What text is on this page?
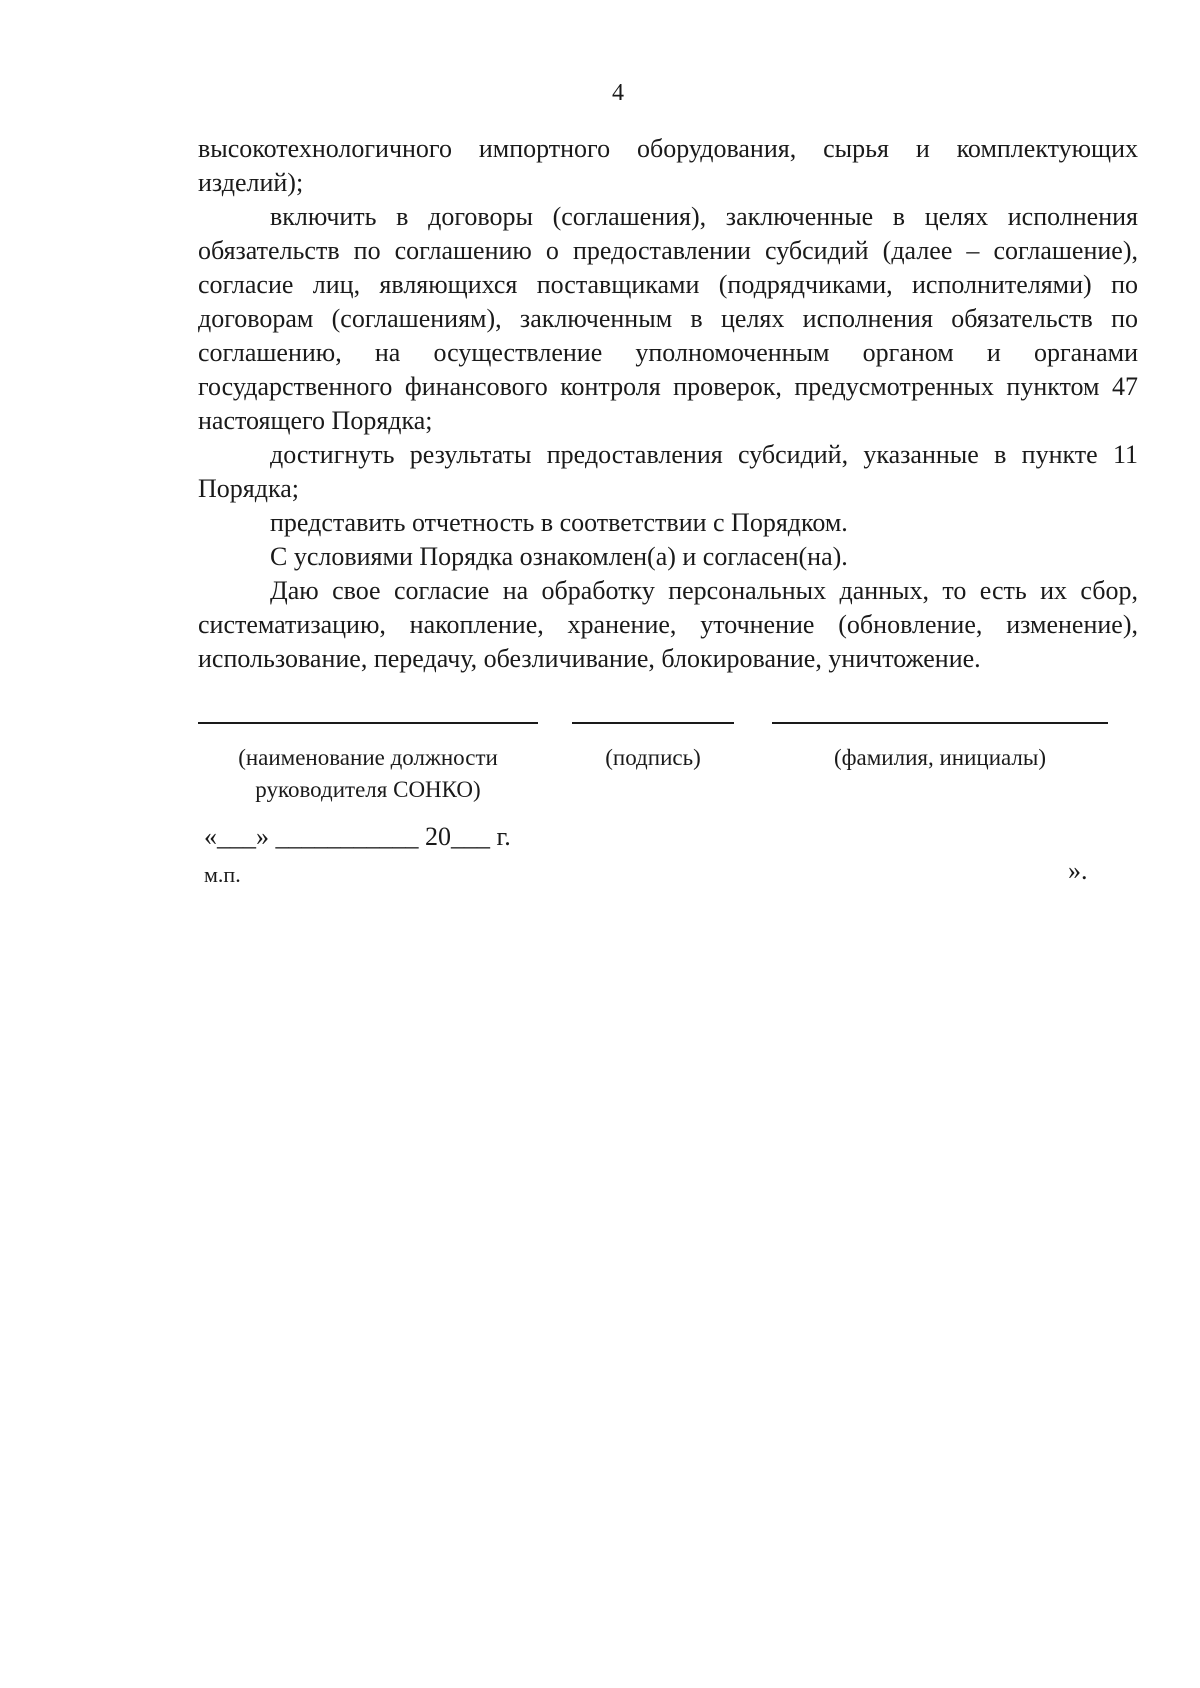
4

высокотехнологичного импортного оборудования, сырья и комплектующих изделий);

включить в договоры (соглашения), заключенные в целях исполнения обязательств по соглашению о предоставлении субсидий (далее – соглашение), согласие лиц, являющихся поставщиками (подрядчиками, исполнителями) по договорам (соглашениям), заключенным в целях исполнения обязательств по соглашению, на осуществление уполномоченным органом и органами государственного финансового контроля проверок, предусмотренных пунктом 47 настоящего Порядка;

достигнуть результаты предоставления субсидий, указанные в пункте 11 Порядка;

представить отчетность в соответствии с Порядком.

С условиями Порядка ознакомлен(а) и согласен(на).

Даю свое согласие на обработку персональных данных, то есть их сбор, систематизацию, накопление, хранение, уточнение (обновление, изменение), использование, передачу, обезличивание, блокирование, уничтожение.

(наименование должности
руководителя СОНКО)
(подпись)	(фамилия, инициалы)
«___» ___________ 20___ г.
м.п.	».
